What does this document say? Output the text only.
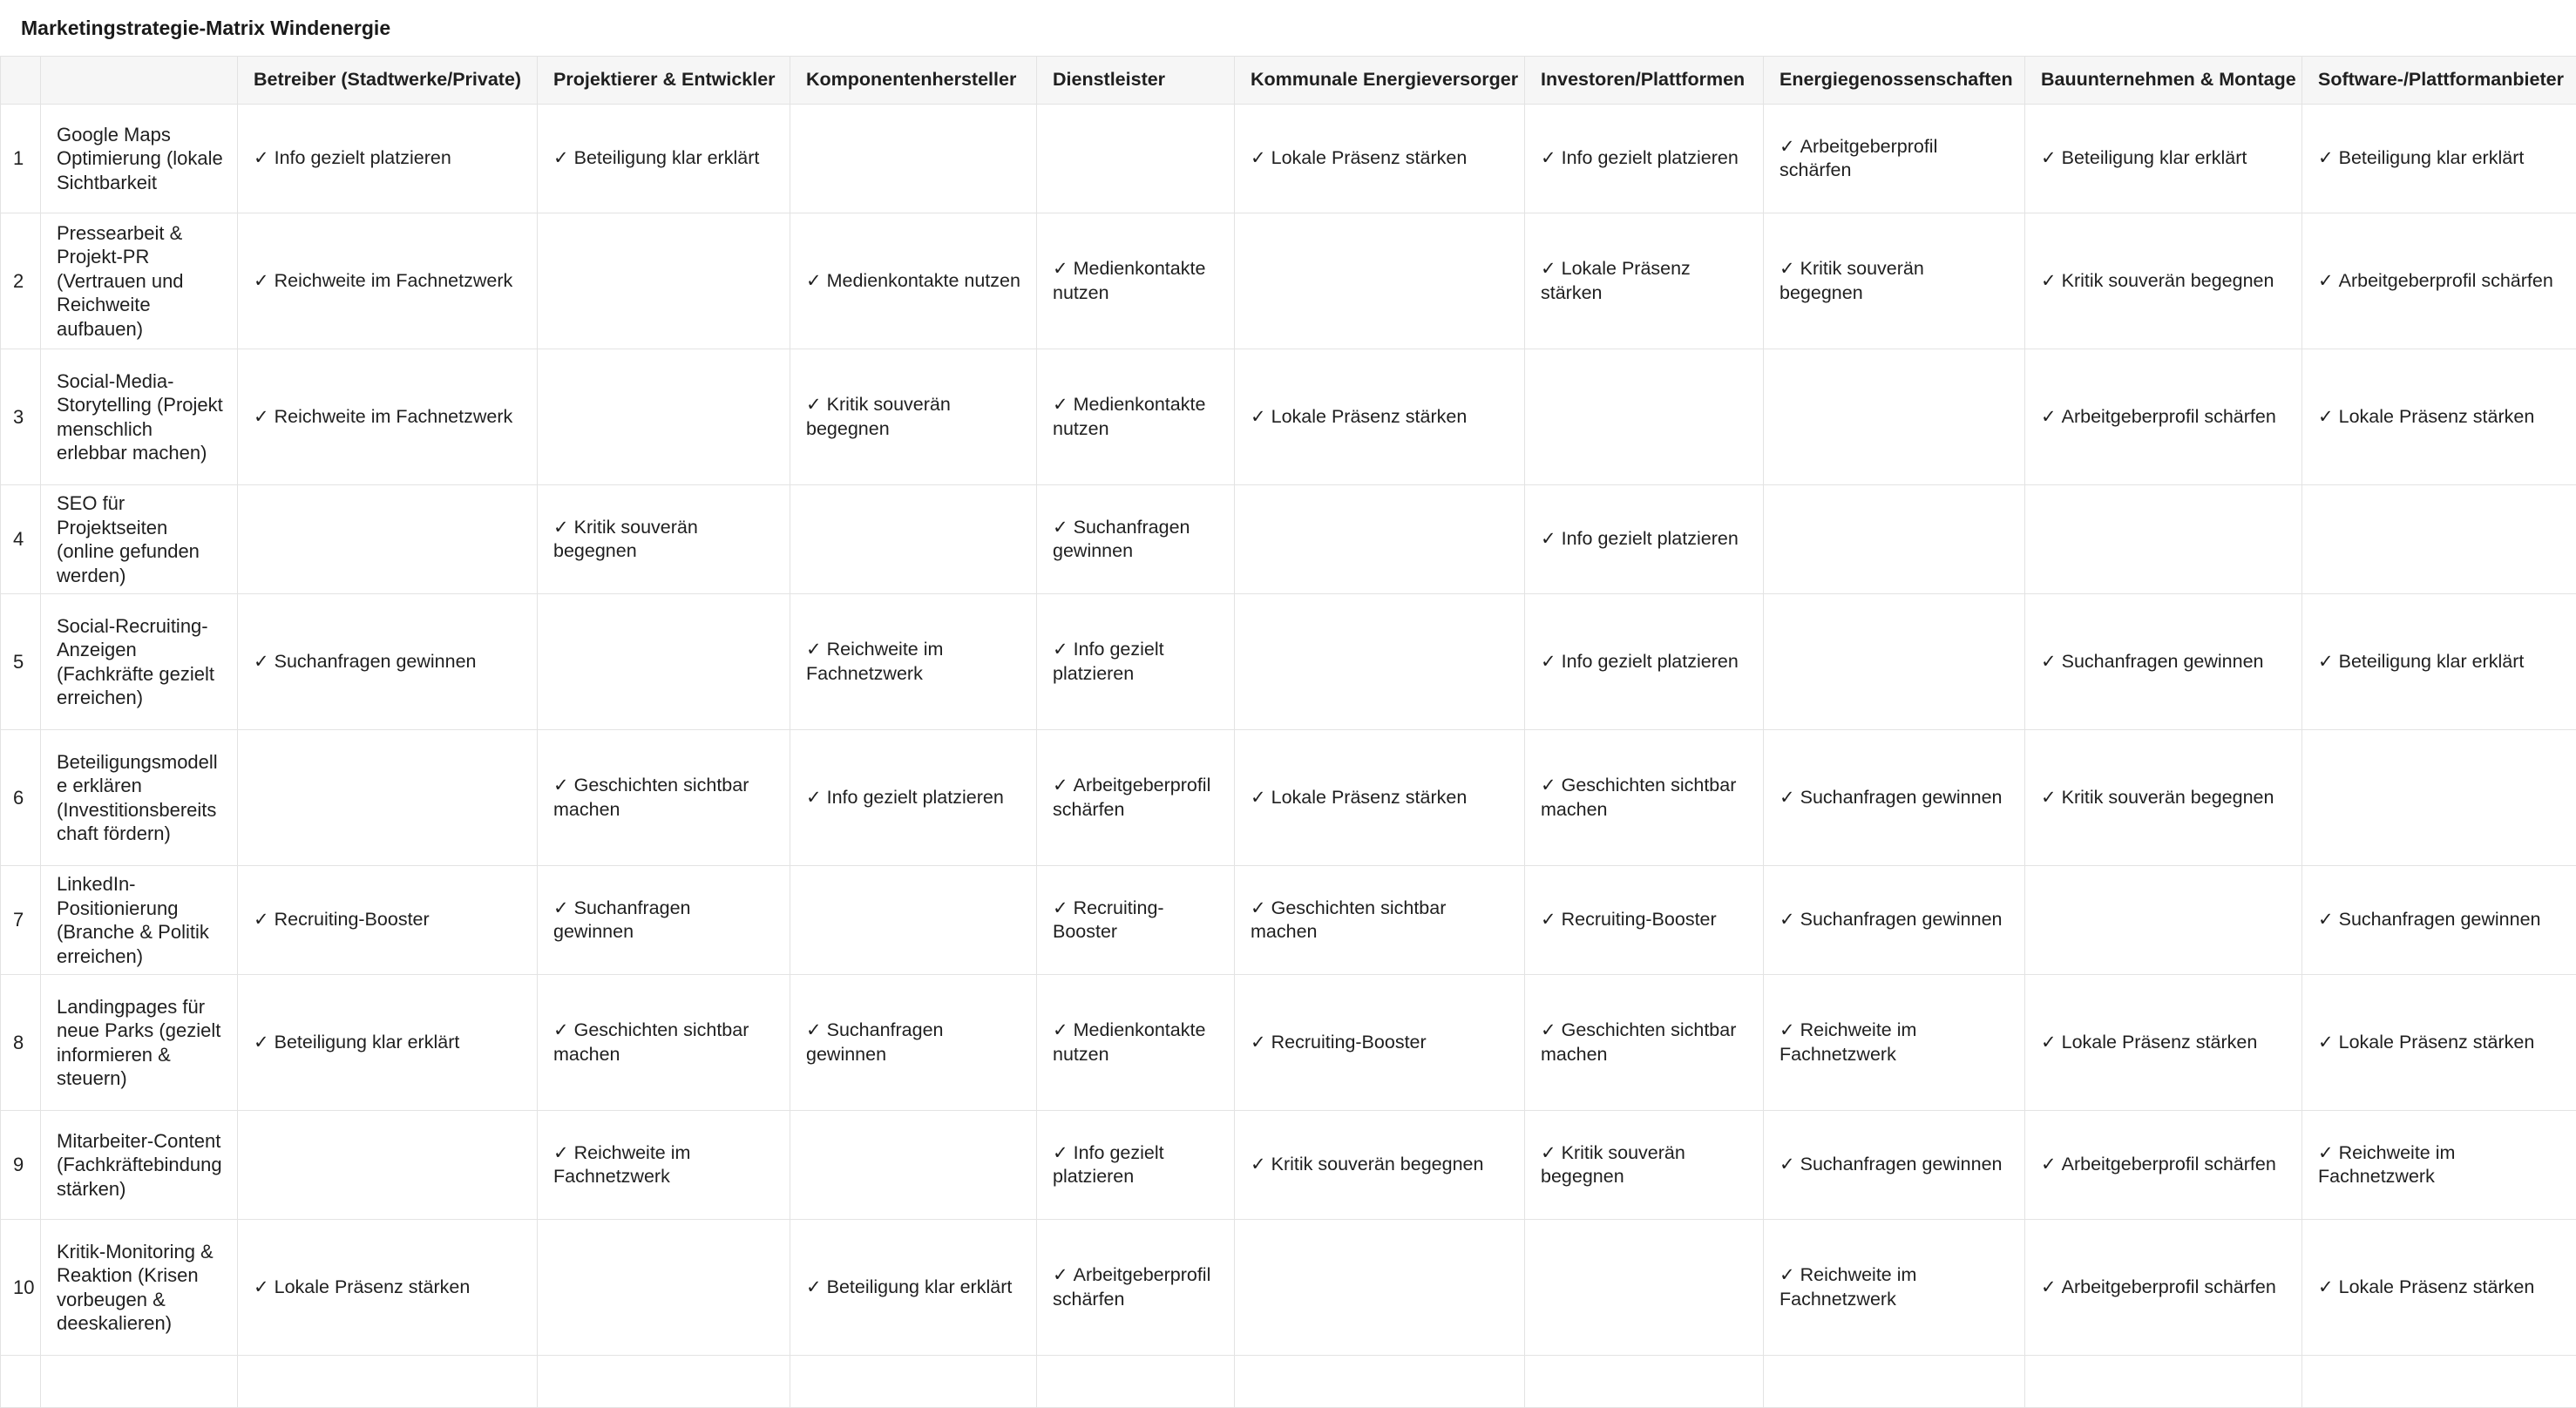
Marketingstrategie-Matrix Windenergie
		Betreiber (Stadtwerke/Private)	Projektierer & Entwickler	Komponentenhersteller	Dienstleister	Kommunale Energieversorger	Investoren/Plattformen	Energiegenossenschaften	Bauunternehmen & Montage	Software-/Plattformanbieter
1	Google Maps Optimierung (lokale Sichtbarkeit	✓ Info gezielt platzieren	✓ Beteiligung klar erklärt			✓ Lokale Präsenz stärken	✓ Info gezielt platzieren	✓ Arbeitgeberprofil schärfen	✓ Beteiligung klar erklärt	✓ Beteiligung klar erklärt
2	Pressearbeit & Projekt-PR (Vertrauen und Reichweite aufbauen)	✓ Reichweite im Fachnetzwerk		✓ Medienkontakte nutzen	✓ Medienkontakte nutzen		✓ Lokale Präsenz stärken	✓ Kritik souverän begegnen	✓ Kritik souverän begegnen	✓ Arbeitgeberprofil schärfen
3	Social-Media-Storytelling (Projekt menschlich erlebbar machen)	✓ Reichweite im Fachnetzwerk		✓ Kritik souverän begegnen	✓ Medienkontakte nutzen	✓ Lokale Präsenz stärken			✓ Arbeitgeberprofil schärfen	✓ Lokale Präsenz stärken
4	SEO für Projektseiten (online gefunden werden)		✓ Kritik souverän begegnen		✓ Suchanfragen gewinnen		✓ Info gezielt platzieren			
5	Social-Recruiting-Anzeigen (Fachkräfte gezielt erreichen)	✓ Suchanfragen gewinnen		✓ Reichweite im Fachnetzwerk	✓ Info gezielt platzieren		✓ Info gezielt platzieren		✓ Suchanfragen gewinnen	✓ Beteiligung klar erklärt
6	Beteiligungsmodelle erklären (Investitionsbereitschaft fördern)		✓ Geschichten sichtbar machen	✓ Info gezielt platzieren	✓ Arbeitgeberprofil schärfen	✓ Lokale Präsenz stärken	✓ Geschichten sichtbar machen	✓ Suchanfragen gewinnen	✓ Kritik souverän begegnen	
7	LinkedIn-Positionierung (Branche & Politik erreichen)	✓ Recruiting-Booster	✓ Suchanfragen gewinnen		✓ Recruiting-Booster	✓ Geschichten sichtbar machen	✓ Recruiting-Booster	✓ Suchanfragen gewinnen		✓ Suchanfragen gewinnen
8	Landingpages für neue Parks (gezielt informieren & steuern)	✓ Beteiligung klar erklärt	✓ Geschichten sichtbar machen	✓ Suchanfragen gewinnen	✓ Medienkontakte nutzen	✓ Recruiting-Booster	✓ Geschichten sichtbar machen	✓ Reichweite im Fachnetzwerk	✓ Lokale Präsenz stärken	✓ Lokale Präsenz stärken
9	Mitarbeiter-Content (Fachkräftebindung stärken)		✓ Reichweite im Fachnetzwerk		✓ Info gezielt platzieren	✓ Kritik souverän begegnen	✓ Kritik souverän begegnen	✓ Suchanfragen gewinnen	✓ Arbeitgeberprofil schärfen	✓ Reichweite im Fachnetzwerk
10	Kritik-Monitoring & Reaktion (Krisen vorbeugen & deeskalieren)	✓ Lokale Präsenz stärken		✓ Beteiligung klar erklärt	✓ Arbeitgeberprofil schärfen			✓ Reichweite im Fachnetzwerk	✓ Arbeitgeberprofil schärfen	✓ Lokale Präsenz stärken
